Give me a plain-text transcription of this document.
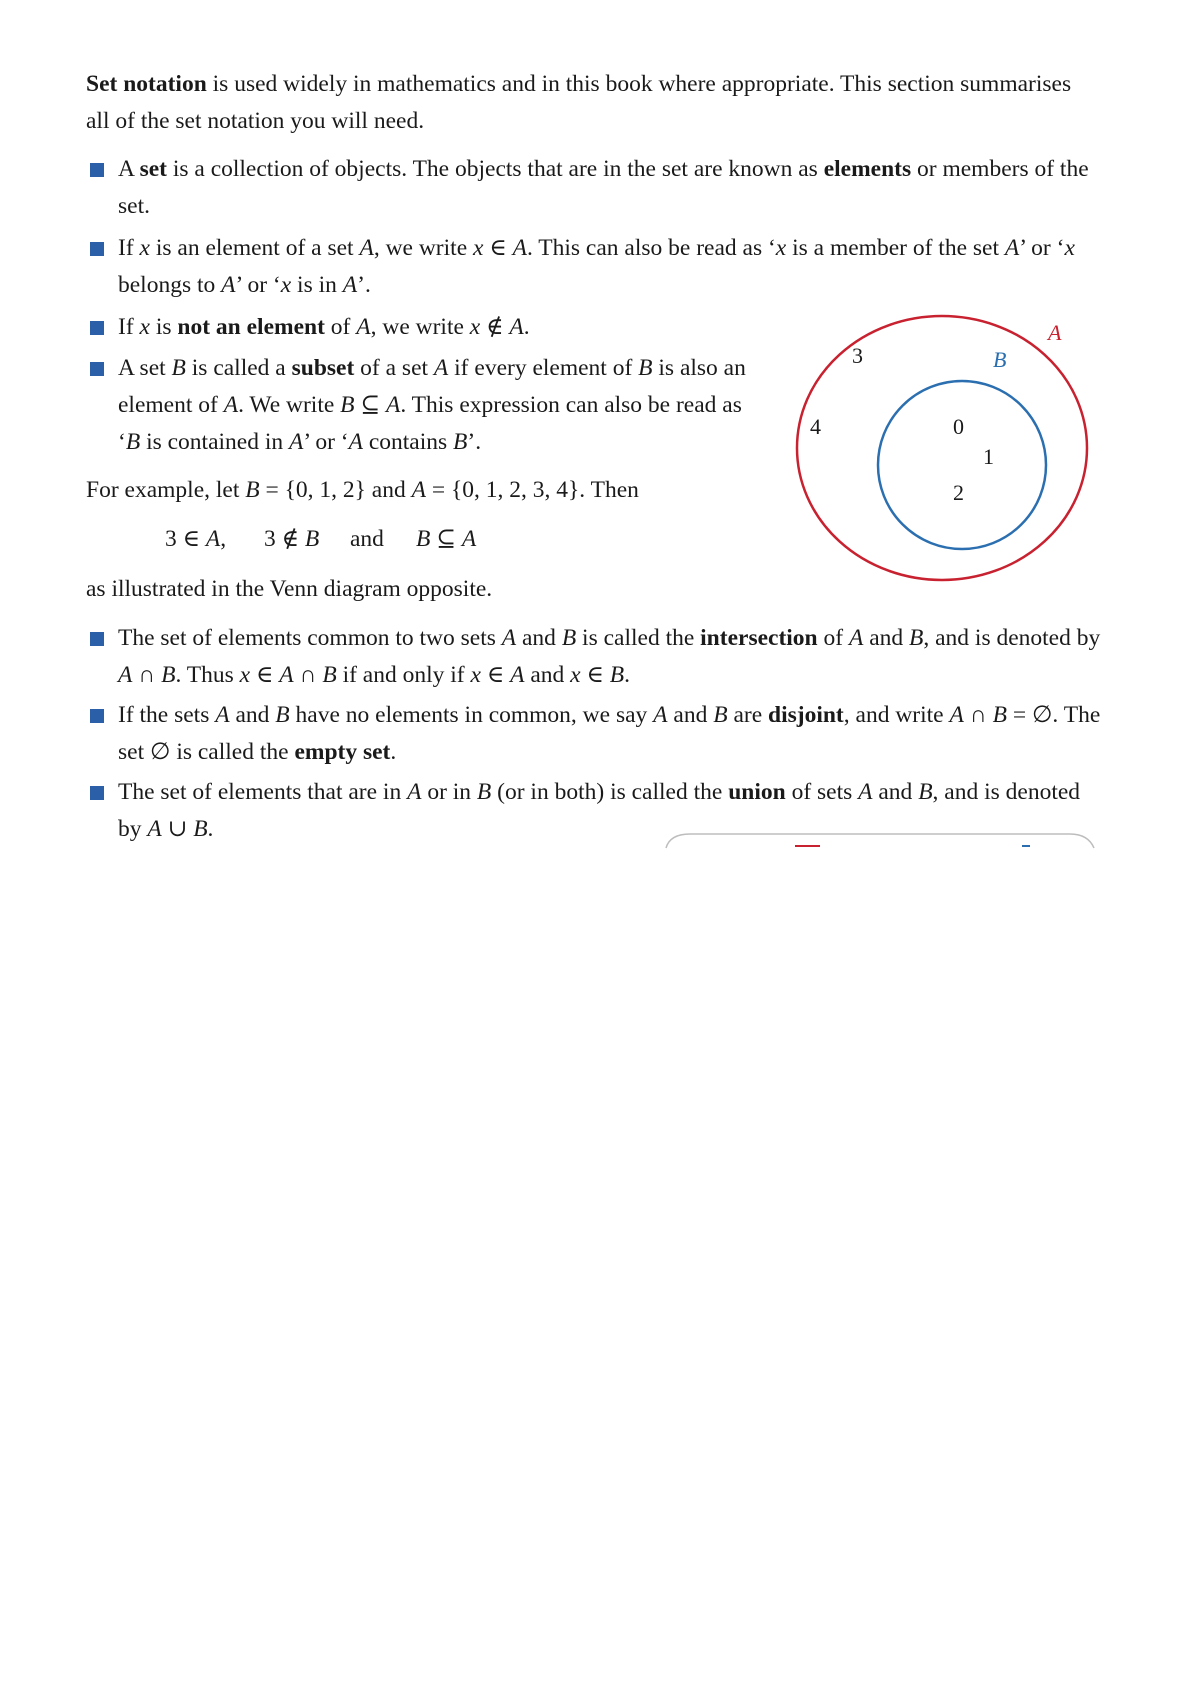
Set notation is used widely in mathematics and in this book where appropriate. This section summarises all of the set notation you will need.

A set is a collection of objects. The objects that are in the set are known as elements or members of the set.

If x is an element of a set A, we write x ∈ A. This can also be read as ‘x is a member of the set A’ or ‘x belongs to A’ or ‘x is in A’.

If x is not an element of A, we write x ∉ A.

A set B is called a subset of a set A if every element of B is also an element of A. We write B ⊆ A. This expression can also be read as ‘B is contained in A’ or ‘A contains B’.

For example, let B = {0, 1, 2} and A = {0, 1, 2, 3, 4}. Then

3 ∈ A, 3 ∉ B and B ⊆ A

as illustrated in the Venn diagram opposite.

A
B
3
4	0
1
2

The set of elements common to two sets A and B is called the intersection of A and B, and is denoted by A ∩ B. Thus x ∈ A ∩ B if and only if x ∈ A and x ∈ B.

If the sets A and B have no elements in common, we say A and B are disjoint, and write A ∩ B = ∅. The set ∅ is called the empty set.

The set of elements that are in A or in B (or in both) is called the union of sets A and B, and is denoted by A ∪ B.
